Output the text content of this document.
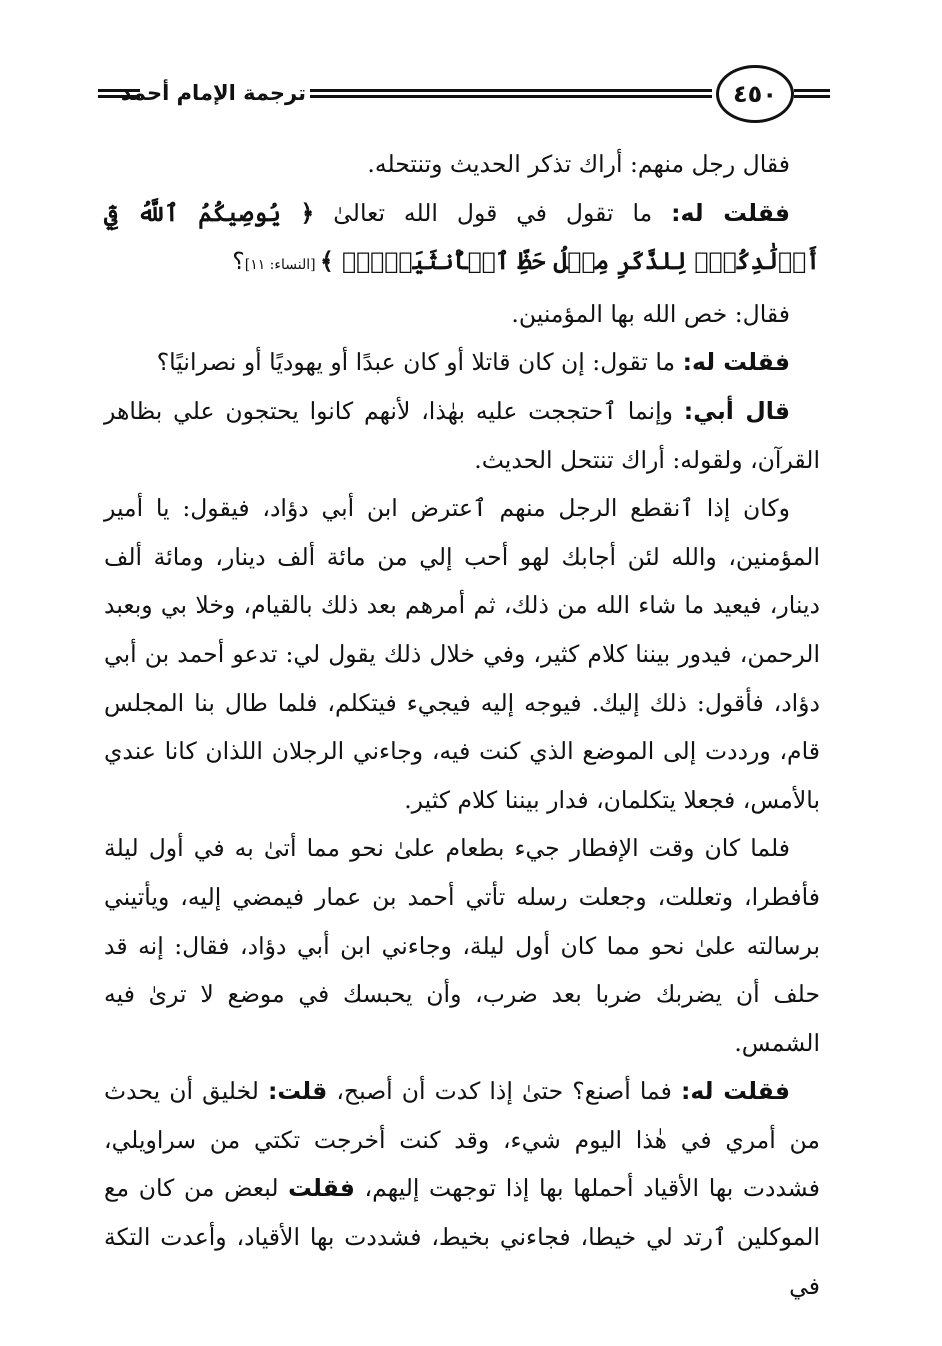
ترجمة الإمام أحمد	٤٥٠

فقال رجل منهم: أراك تذكر الحديث وتنتحله.

فقلت له: ما تقول في قول الله تعالىٰ ﴿ يُوصِيكُمُ ٱللَّهُ فِيٓ أَوۡلَٰدِكُمۡۖ لِلذَّكَرِ مِثۡلُ حَظِّ ٱلۡأُنثَيَيۡنِۚ ﴾ [النساء: ١١]؟

فقال: خص الله بها المؤمنين.

فقلت له: ما تقول: إن كان قاتلا أو كان عبدًا أو يهوديًا أو نصرانيًا؟

قال أبي: وإنما ٱحتججت عليه بهٰذا، لأنهم كانوا يحتجون علي بظاهر القرآن، ولقوله: أراك تنتحل الحديث.

وكان إذا ٱنقطع الرجل منهم ٱعترض ابن أبي دؤاد، فيقول: يا أمير المؤمنين، والله لئن أجابك لهو أحب إلي من مائة ألف دينار، ومائة ألف دينار، فيعيد ما شاء الله من ذلك، ثم أمرهم بعد ذلك بالقيام، وخلا بي وبعبد الرحمن، فيدور بيننا كلام كثير، وفي خلال ذلك يقول لي: تدعو أحمد بن أبي دؤاد، فأقول: ذلك إليك. فيوجه إليه فيجيء فيتكلم، فلما طال بنا المجلس قام، ورددت إلى الموضع الذي كنت فيه، وجاءني الرجلان اللذان كانا عندي بالأمس، فجعلا يتكلمان، فدار بيننا كلام كثير.

فلما كان وقت الإفطار جيء بطعام علىٰ نحو مما أتىٰ به في أول ليلة فأفطرا، وتعللت، وجعلت رسله تأتي أحمد بن عمار فيمضي إليه، ويأتيني برسالته علىٰ نحو مما كان أول ليلة، وجاءني ابن أبي دؤاد، فقال: إنه قد حلف أن يضربك ضربا بعد ضرب، وأن يحبسك في موضع لا ترىٰ فيه الشمس.

فقلت له: فما أصنع؟ حتىٰ إذا كدت أن أصبح، قلت: لخليق أن يحدث من أمري في هٰذا اليوم شيء، وقد كنت أخرجت تكتي من سراويلي، فشددت بها الأقياد أحملها بها إذا توجهت إليهم، فقلت لبعض من كان مع الموكلين ٱرتد لي خيطا، فجاءني بخيط، فشددت بها الأقياد، وأعدت التكة في
